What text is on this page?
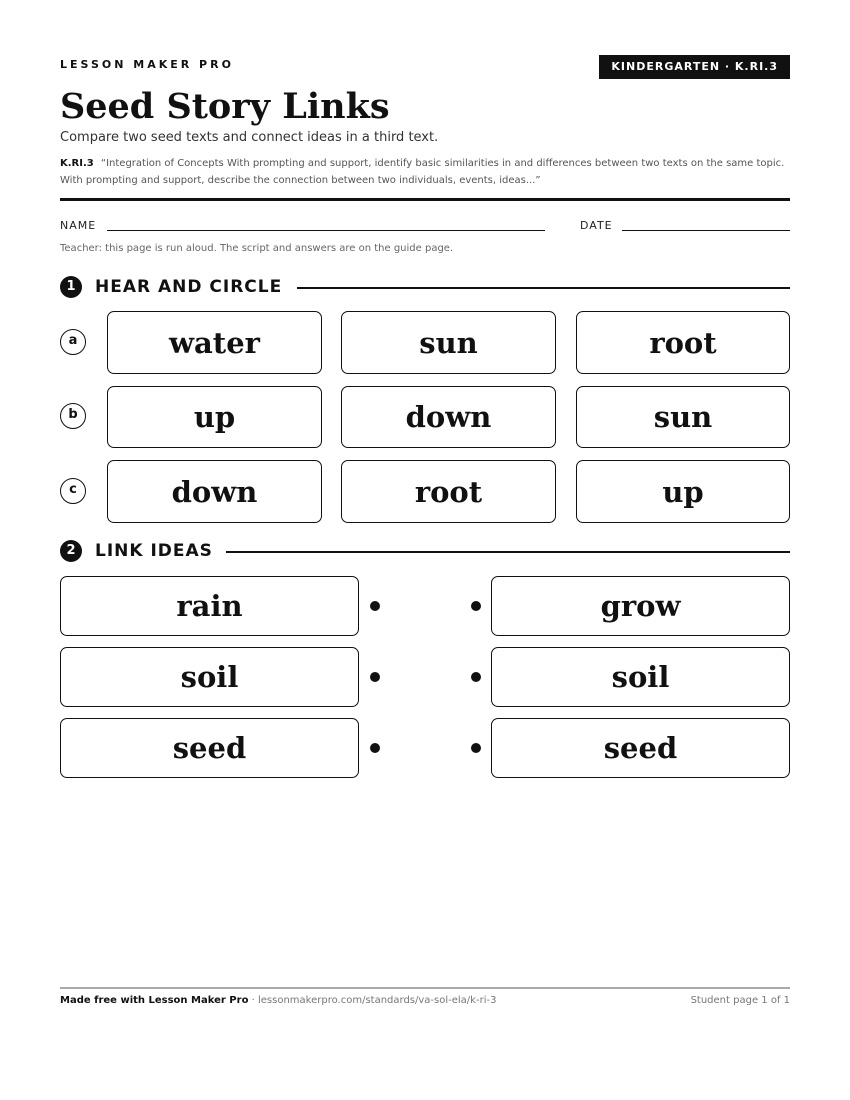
LESSON MAKER PRO	KINDERGARTEN · K.RI.3
Seed Story Links
Compare two seed texts and connect ideas in a third text.
K.RI.3 “Integration of Concepts With prompting and support, identify basic similarities in and differences between two texts on the same topic. With prompting and support, describe the connection between two individuals, events, ideas...”
NAME	DATE
Teacher: this page is run aloud. The script and answers are on the guide page.
1	HEAR AND CIRCLE
a	water	sun	root
b	up	down	sun
c	down	root	up
2	LINK IDEAS
rain	grow
soil	soil
seed	seed
Made free with Lesson Maker Pro · lessonmakerpro.com/standards/va-sol-ela/k-ri-3	Student page 1 of 1
